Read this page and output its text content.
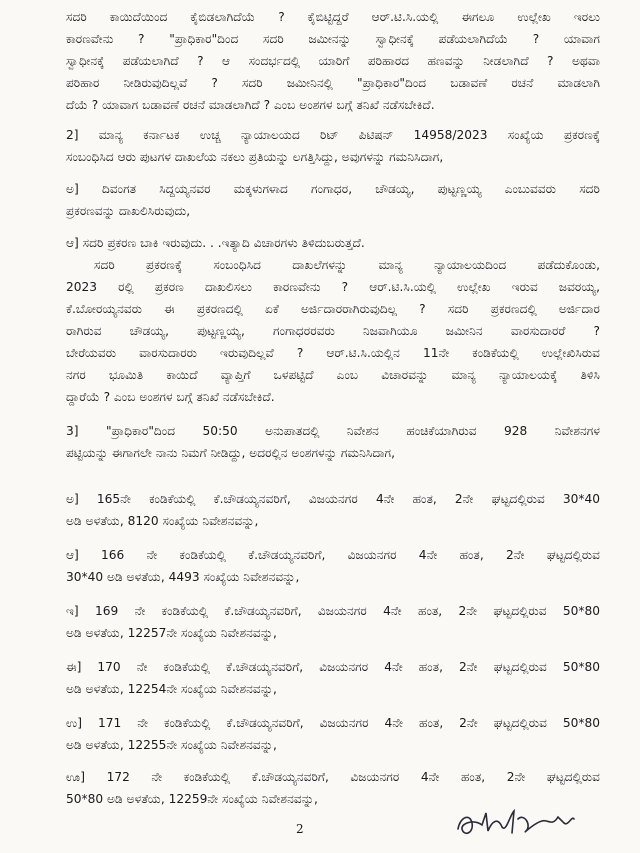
ಸದರಿ ಕಾಯಿದೆಯಿಂದ ಕೈಬಿಡಲಾಗಿದೆಯೆ ? ಕೈಬಿಟ್ಟಿದ್ದರೆ ಆರ್.ಟಿ.ಸಿ.ಯಲ್ಲಿ ಈಗಲೂ ಉಲ್ಲೇಖ ಇರಲು
ಕಾರಣವೇನು ? "ಪ್ರಾಧಿಕಾರ"ದಿಂದ ಸದರಿ ಜಮೀನನ್ನು ಸ್ವಾಧೀನಕ್ಕೆ ಪಡೆಯಲಾಗಿದೆಯೆ ? ಯಾವಾಗ
ಸ್ವಾಧೀನಕ್ಕೆ ಪಡೆಯಲಾಗಿದೆ ? ಆ ಸಂದರ್ಭದಲ್ಲಿ ಯಾರಿಗೆ ಪರಿಹಾರದ ಹಣವನ್ನು ನೀಡಲಾಗಿದೆ ? ಅಥವಾ
ಪರಿಹಾರ ನೀಡಿರುವುದಿಲ್ಲವೆ ? ಸದರಿ ಜಮೀನಿನಲ್ಲಿ "ಪ್ರಾಧಿಕಾರ"ದಿಂದ ಬಡಾವಣೆ ರಚನೆ ಮಾಡಲಾಗಿ
ದೆಯೆ ? ಯಾವಾಗ ಬಡಾವಣೆ ರಚನೆ ಮಾಡಲಾಗಿದೆ ? ಎಂಬ ಅಂಶಗಳ ಬಗ್ಗೆ ತನಿಖೆ ನಡೆಸಬೇಕಿದೆ.
2] ಮಾನ್ಯ ಕರ್ನಾಟಕ ಉಚ್ಚ ನ್ಯಾಯಾಲಯದ ರಿಟ್ ಪಿಟಿಷನ್ 14958/2023 ಸಂಖ್ಯೆಯ ಪ್ರಕರಣಕ್ಕೆ
ಸಂಬಂಧಿಸಿದ ಆರು ಪುಟಗಳ ದಾಖಲೆಯ ನಕಲು ಪ್ರತಿಯನ್ನು ಲಗತ್ತಿಸಿದ್ದು, ಅವುಗಳನ್ನು ಗಮನಿಸಿದಾಗ,
ಅ] ದಿವಂಗತ ಸಿದ್ದಯ್ಯನವರ ಮಕ್ಕಳುಗಳಾದ ಗಂಗಾಧರ, ಚೌಡಯ್ಯ, ಪುಟ್ಟಣ್ಣಯ್ಯ ಎಂಬುವವರು ಸದರಿ
ಪ್ರಕರಣವನ್ನು ದಾಖಲಿಸಿರುವುದು,
ಆ] ಸದರಿ ಪ್ರಕರಣ ಬಾಕಿ ಇರುವುದು. . .ಇತ್ಯಾದಿ ವಿಚಾರಗಳು ತಿಳಿದುಬರುತ್ತದೆ.
ಸದರಿ ಪ್ರಕರಣಕ್ಕೆ ಸಂಬಂಧಿಸಿದ ದಾಖಲೆಗಳನ್ನು ಮಾನ್ಯ ನ್ಯಾಯಾಲಯದಿಂದ ಪಡೆದುಕೊಂಡು,
2023 ರಲ್ಲಿ ಪ್ರಕರಣ ದಾಖಲಿಸಲು ಕಾರಣವೇನು ? ಆರ್.ಟಿ.ಸಿ.ಯಲ್ಲಿ ಉಲ್ಲೇಖ ಇರುವ ಜವರಯ್ಯ,
ಕೆ.ಬೋರಯ್ಯನವರು ಈ ಪ್ರಕರಣದಲ್ಲಿ ಏಕೆ ಅರ್ಜಿದಾರರಾಗಿರುವುದಿಲ್ಲ ? ಸದರಿ ಪ್ರಕರಣದಲ್ಲಿ ಅರ್ಜಿದಾರ
ರಾಗಿರುವ ಚೌಡಯ್ಯ, ಪುಟ್ಟಣ್ಣಯ್ಯ, ಗಂಗಾಧರರವರು ನಿಜವಾಗಿಯೂ ಜಮೀನಿನ ವಾರಸುದಾರರೆ ?
ಬೇರೆಯವರು ವಾರಸುದಾರರು ಇರುವುದಿಲ್ಲವೆ ? ಆರ್.ಟಿ.ಸಿ.ಯಲ್ಲಿನ 11ನೇ ಕಂಡಿಕೆಯಲ್ಲಿ ಉಲ್ಲೇಖಿಸಿರುವ
ನಗರ ಭೂಮಿತಿ ಕಾಯಿದೆ ವ್ಯಾಪ್ತಿಗೆ ಒಳಪಟ್ಟಿದೆ ಎಂಬ ವಿಚಾರವನ್ನು ಮಾನ್ಯ ನ್ಯಾಯಾಲಯಕ್ಕೆ ತಿಳಿಸಿ
ದ್ದಾರೆಯೆ ? ಎಂಬ ಅಂಶಗಳ ಬಗ್ಗೆ ತನಿಖೆ ನಡೆಸಬೇಕಿದೆ.
3] "ಪ್ರಾಧಿಕಾರ"ದಿಂದ 50:50 ಅನುಪಾತದಲ್ಲಿ ನಿವೇಶನ ಹಂಚಿಕೆಯಾಗಿರುವ 928 ನಿವೇಶನಗಳ
ಪಟ್ಟಿಯನ್ನು ಈಗಾಗಲೇ ನಾನು ನಿಮಗೆ ನೀಡಿದ್ದು, ಅದರಲ್ಲಿನ ಅಂಶಗಳನ್ನು ಗಮನಿಸಿದಾಗ,
ಅ] 165ನೇ ಕಂಡಿಕೆಯಲ್ಲಿ ಕೆ.ಚೌಡಯ್ಯನವರಿಗೆ, ವಿಜಯನಗರ 4ನೇ ಹಂತ, 2ನೇ ಘಟ್ಟದಲ್ಲಿರುವ 30*40
ಅಡಿ ಅಳತೆಯ, 8120 ಸಂಖ್ಯೆಯ ನಿವೇಶನವನ್ನು,
ಆ] 166 ನೇ ಕಂಡಿಕೆಯಲ್ಲಿ ಕೆ.ಚೌಡಯ್ಯನವರಿಗೆ, ವಿಜಯನಗರ 4ನೇ ಹಂತ, 2ನೇ ಘಟ್ಟದಲ್ಲಿರುವ
30*40 ಅಡಿ ಅಳತೆಯ, 4493 ಸಂಖ್ಯೆಯ ನಿವೇಶನವನ್ನು,
ಇ] 169 ನೇ ಕಂಡಿಕೆಯಲ್ಲಿ ಕೆ.ಚೌಡಯ್ಯನವರಿಗೆ, ವಿಜಯನಗರ 4ನೇ ಹಂತ, 2ನೇ ಘಟ್ಟದಲ್ಲಿರುವ 50*80
ಅಡಿ ಅಳತೆಯ, 12257ನೇ ಸಂಖ್ಯೆಯ ನಿವೇಶನವನ್ನು,
ಈ] 170 ನೇ ಕಂಡಿಕೆಯಲ್ಲಿ ಕೆ.ಚೌಡಯ್ಯನವರಿಗೆ, ವಿಜಯನಗರ 4ನೇ ಹಂತ, 2ನೇ ಘಟ್ಟದಲ್ಲಿರುವ 50*80
ಅಡಿ ಅಳತೆಯ, 12254ನೇ ಸಂಖ್ಯೆಯ ನಿವೇಶನವನ್ನು,
ಉ] 171 ನೇ ಕಂಡಿಕೆಯಲ್ಲಿ ಕೆ.ಚೌಡಯ್ಯನವರಿಗೆ, ವಿಜಯನಗರ 4ನೇ ಹಂತ, 2ನೇ ಘಟ್ಟದಲ್ಲಿರುವ 50*80
ಅಡಿ ಅಳತೆಯ, 12255ನೇ ಸಂಖ್ಯೆಯ ನಿವೇಶನವನ್ನು,
ಊ] 172 ನೇ ಕಂಡಿಕೆಯಲ್ಲಿ ಕೆ.ಚೌಡಯ್ಯನವರಿಗೆ, ವಿಜಯನಗರ 4ನೇ ಹಂತ, 2ನೇ ಘಟ್ಟದಲ್ಲಿರುವ
50*80 ಅಡಿ ಅಳತೆಯ, 12259ನೇ ಸಂಖ್ಯೆಯ ನಿವೇಶನವನ್ನು,
2
